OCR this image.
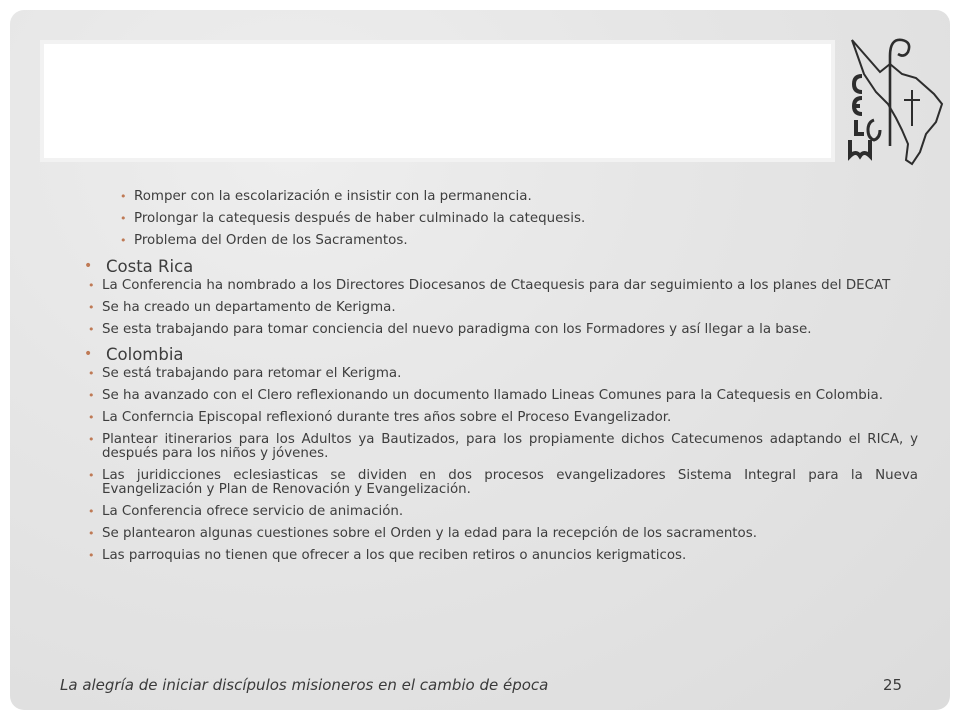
• Romper con la escolarización e insistir con la permanencia.
• Prolongar la catequesis después de haber culminado la catequesis.
• Problema del Orden de los Sacramentos.
• Costa Rica
• La Conferencia ha nombrado a los Directores Diocesanos de Ctaequesis para dar seguimiento a los planes del DECAT
• Se ha creado un departamento de Kerigma.
• Se esta trabajando para tomar conciencia del nuevo paradigma con los Formadores y así llegar a la base.
• Colombia
• Se está trabajando para retomar el Kerigma.
• Se ha avanzado con el Clero reflexionando un documento llamado Lineas Comunes para la Catequesis en Colombia.
• La Conferncia Episcopal reflexionó durante tres años sobre el Proceso Evangelizador.
• Plantear itinerarios para los Adultos ya Bautizados, para los propiamente dichos Catecumenos adaptando el RICA, y después para los niños y jóvenes.
• Las juridicciones eclesiasticas se dividen en dos procesos evangelizadores Sistema Integral para la Nueva Evangelización y Plan de Renovación y Evangelización.
• La Conferencia ofrece servicio de animación.
• Se plantearon algunas cuestiones sobre el Orden y la edad para la recepción de los sacramentos.
• Las parroquias no tienen que ofrecer a los que reciben retiros o anuncios kerigmaticos.
La alegría de iniciar discípulos misioneros en el cambio de época	25
